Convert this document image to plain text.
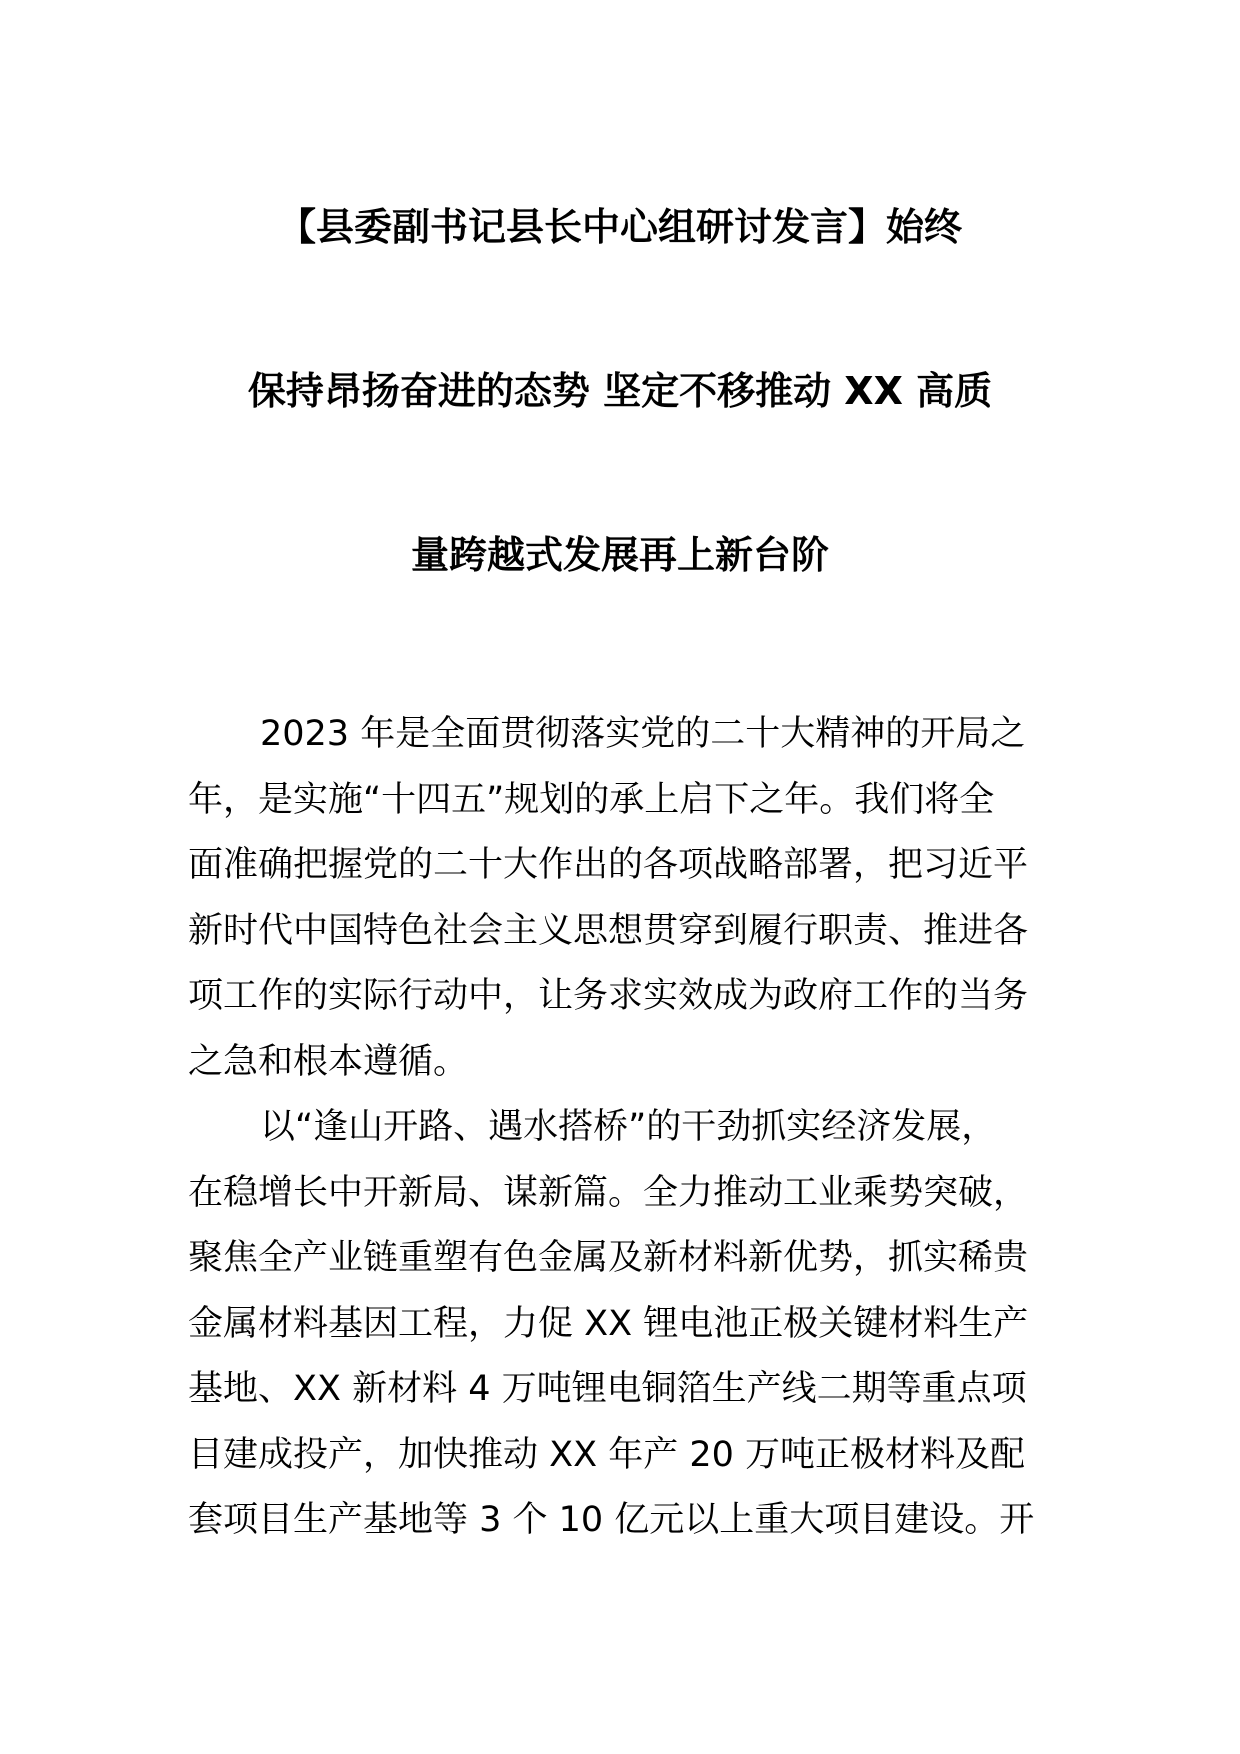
【县委副书记县长中心组研讨发言】始终
保持昂扬奋进的态势 坚定不移推动 XX 高质
量跨越式发展再上新台阶
2023 年是全面贯彻落实党的二十大精神的开局之
年，是实施“十四五”规划的承上启下之年。我们将全
面准确把握党的二十大作出的各项战略部署，把习近平
新时代中国特色社会主义思想贯穿到履行职责、推进各
项工作的实际行动中，让务求实效成为政府工作的当务
之急和根本遵循。
以“逢山开路、遇水搭桥”的干劲抓实经济发展，
在稳增长中开新局、谋新篇。全力推动工业乘势突破，
聚焦全产业链重塑有色金属及新材料新优势，抓实稀贵
金属材料基因工程，力促 XX 锂电池正极关键材料生产
基地、XX 新材料 4 万吨锂电铜箔生产线二期等重点项
目建成投产，加快推动 XX 年产 20 万吨正极材料及配
套项目生产基地等 3 个 10 亿元以上重大项目建设。开
